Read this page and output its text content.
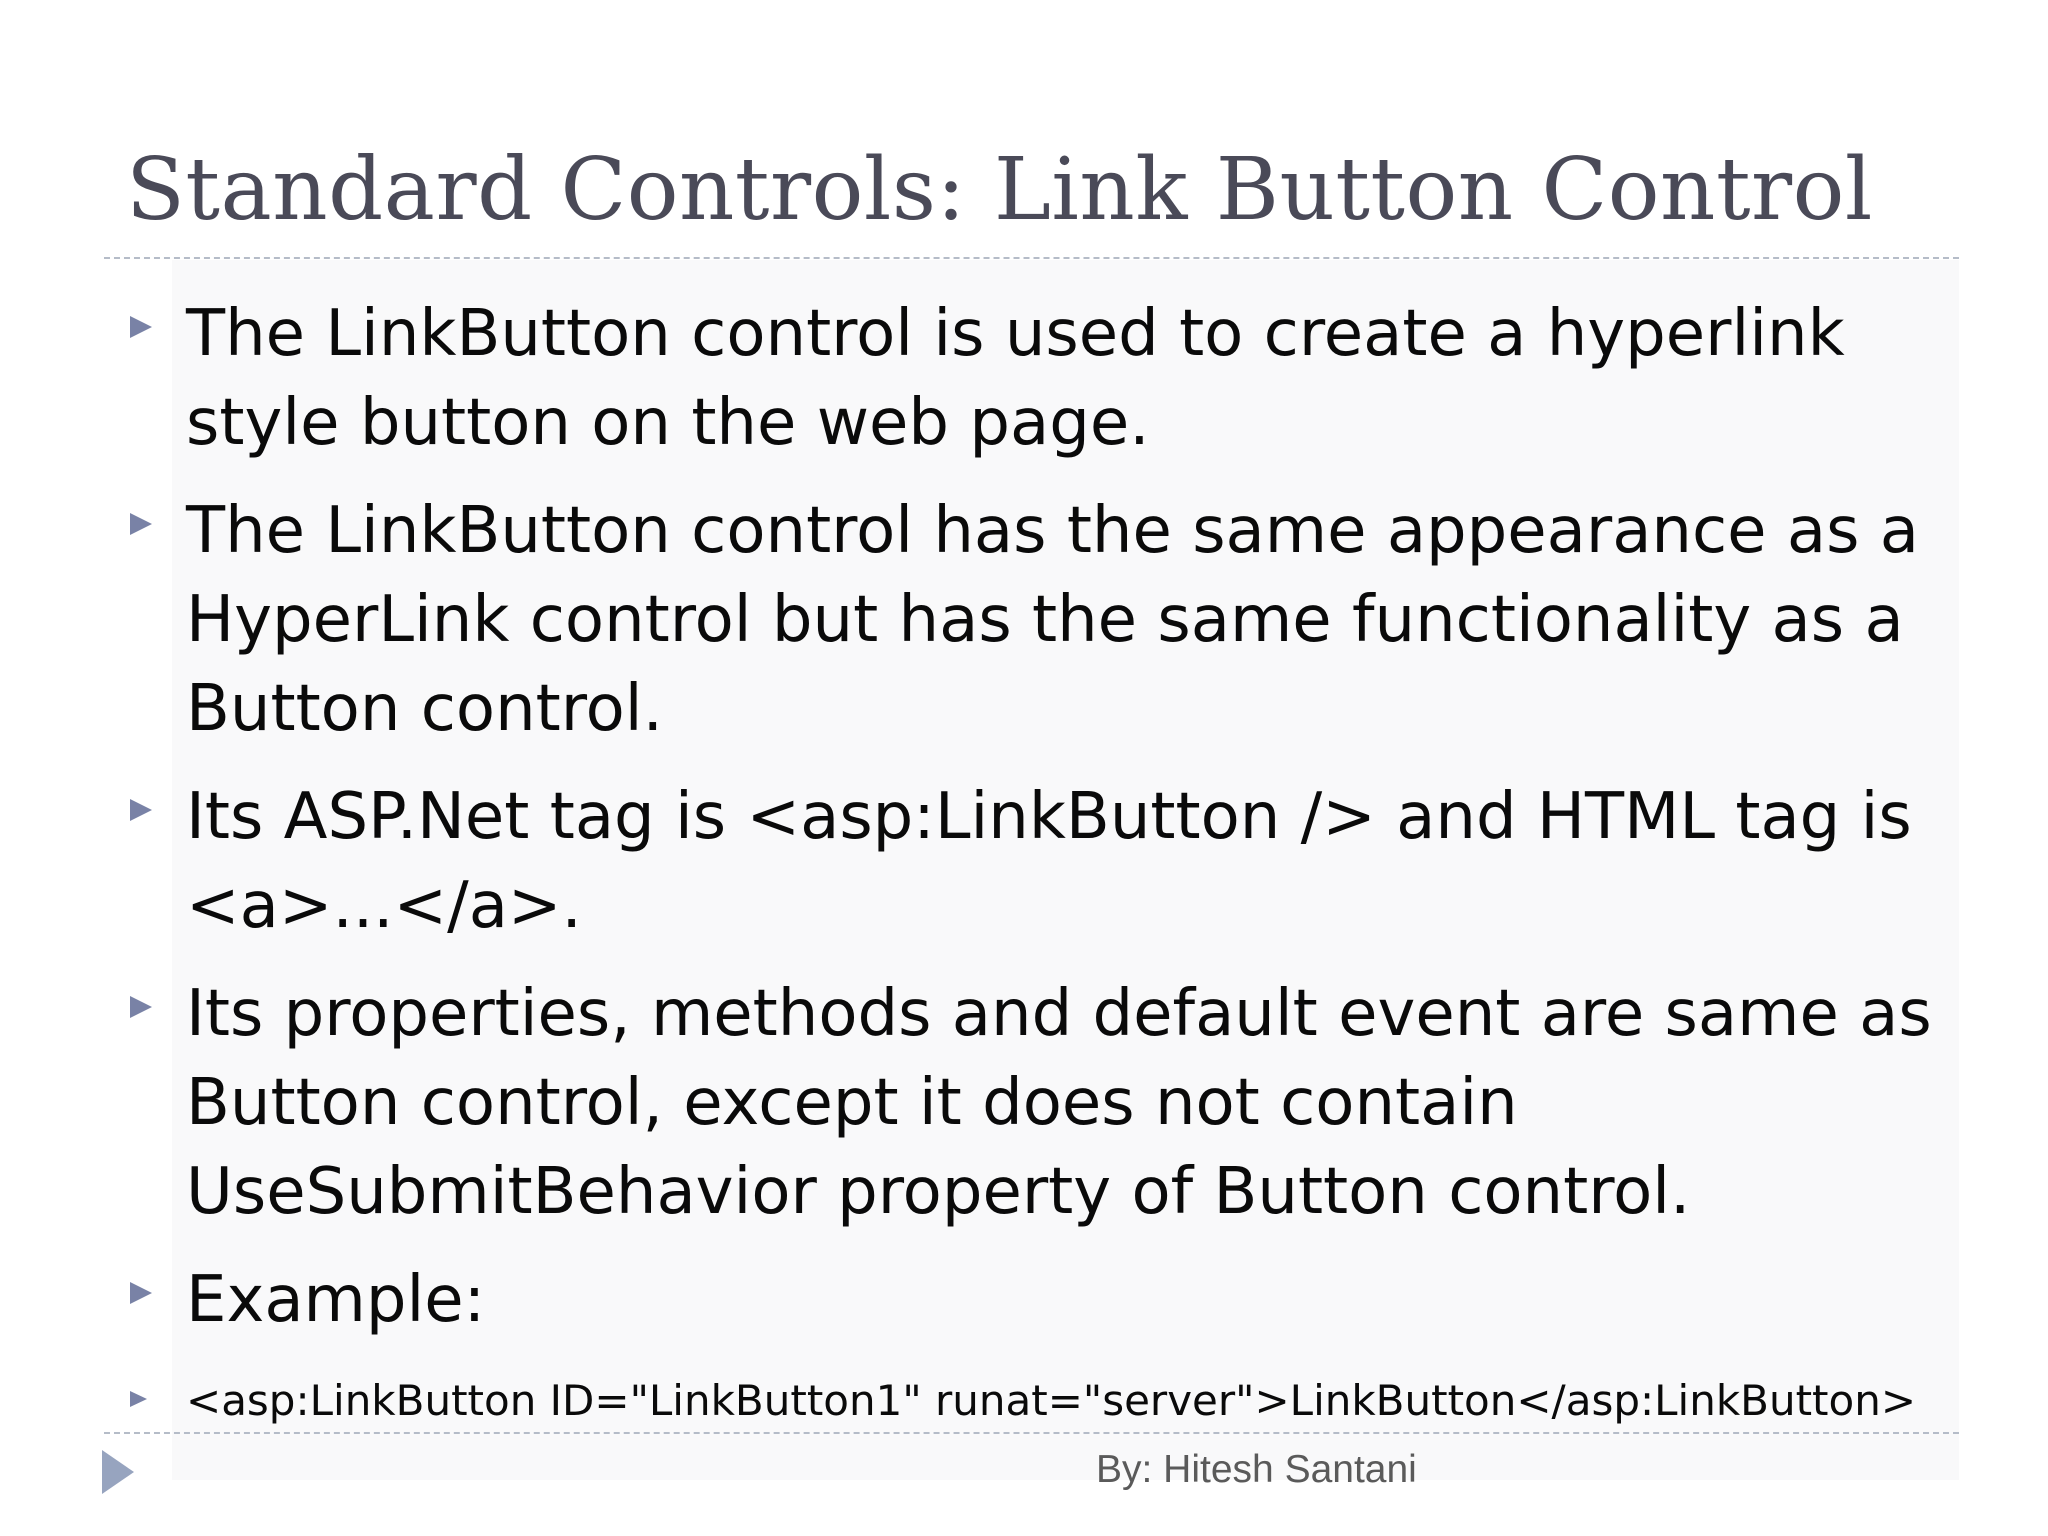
Standard Controls: Link Button Control
The LinkButton control is used to create a hyperlink style button on the web page.
The LinkButton control has the same appearance as a HyperLink control but has the same functionality as a Button control.
Its ASP.Net tag is <asp:LinkButton /> and HTML tag is <a>...</a>.
Its properties, methods and default event are same as Button control, except it does not contain UseSubmitBehavior property of Button control.
Example:
<asp:LinkButton ID="LinkButton1" runat="server">LinkButton</asp:LinkButton>
By: Hitesh Santani
